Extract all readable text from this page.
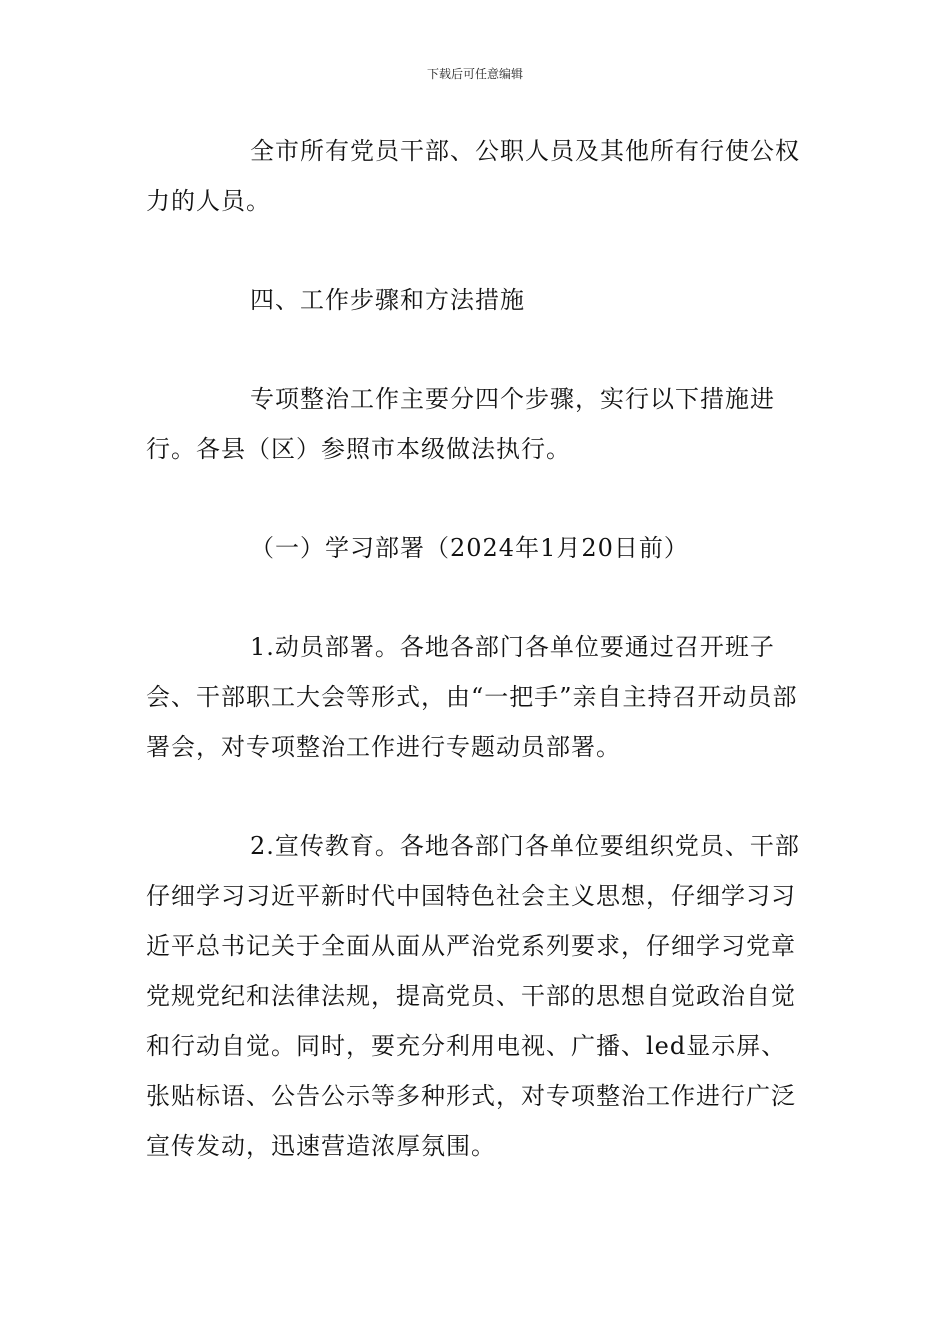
下载后可任意编辑

全市所有党员干部、公职人员及其他所有行使公权力的人员。

四、工作步骤和方法措施

专项整治工作主要分四个步骤，实行以下措施进行。各县（区）参照市本级做法执行。

（一）学习部署（2024年1月20日前）

1.动员部署。各地各部门各单位要通过召开班子会、干部职工大会等形式，由“一把手”亲自主持召开动员部署会，对专项整治工作进行专题动员部署。

2.宣传教育。各地各部门各单位要组织党员、干部仔细学习习近平新时代中国特色社会主义思想，仔细学习习近平总书记关于全面从面从严治党系列要求，仔细学习党章党规党纪和法律法规，提高党员、干部的思想自觉政治自觉和行动自觉。同时，要充分利用电视、广播、led显示屏、张贴标语、公告公示等多种形式，对专项整治工作进行广泛宣传发动，迅速营造浓厚氛围。
